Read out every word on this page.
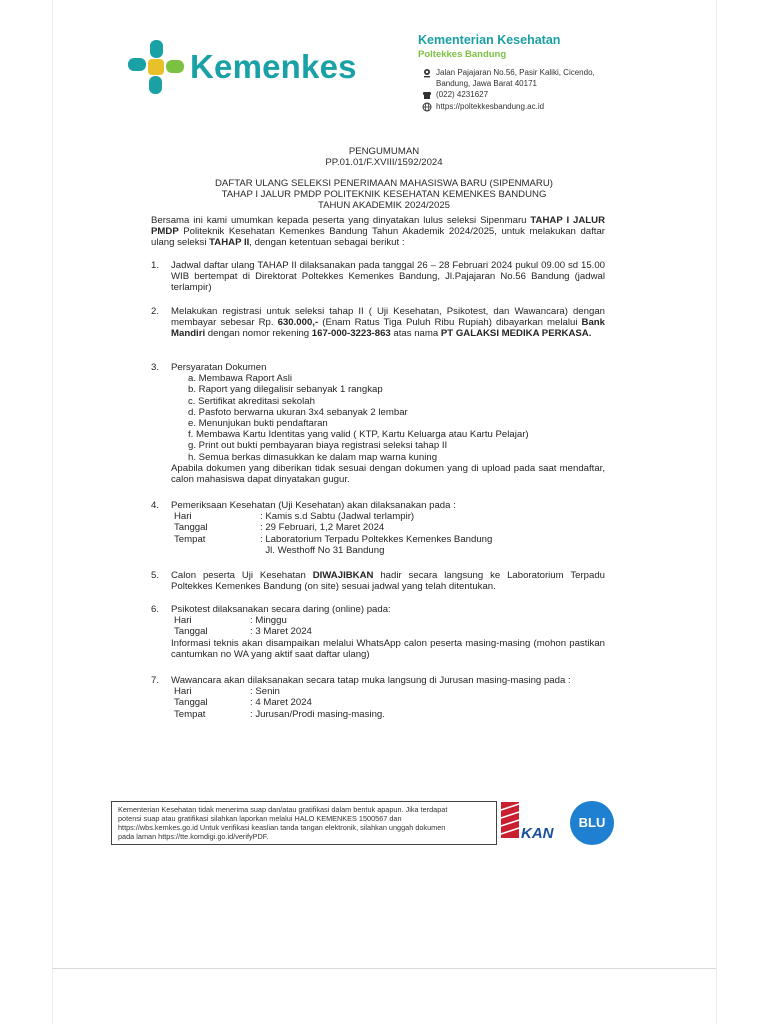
Kemenkes
Kementerian Kesehatan
Poltekkes Bandung
Jalan Pajajaran No.56, Pasir Kaliki, Cicendo,
Bandung, Jawa Barat 40171
(022) 4231627
https://poltekkesbandung.ac.id
PENGUMUMAN
PP.01.01/F.XVIII/1592/2024
DAFTAR ULANG SELEKSI PENERIMAAN MAHASISWA BARU (SIPENMARU)
TAHAP I JALUR PMDP POLITEKNIK KESEHATAN KEMENKES BANDUNG
TAHUN AKADEMIK 2024/2025
Bersama ini kami umumkan kepada peserta yang dinyatakan lulus seleksi Sipenmaru TAHAP I JALUR PMDP Politeknik Kesehatan Kemenkes Bandung Tahun Akademik 2024/2025, untuk melakukan daftar ulang seleksi TAHAP II, dengan ketentuan sebagai berikut :
1.	Jadwal daftar ulang TAHAP II dilaksanakan pada tanggal 26 – 28 Februari 2024 pukul 09.00 sd 15.00 WIB bertempat di Direktorat Poltekkes Kemenkes Bandung, Jl.Pajajaran No.56 Bandung (jadwal terlampir)
2.	Melakukan registrasi untuk seleksi tahap II ( Uji Kesehatan, Psikotest, dan Wawancara) dengan membayar sebesar Rp. 630.000,- (Enam Ratus Tiga Puluh Ribu Rupiah) dibayarkan melalui Bank Mandiri dengan nomor rekening 167-000-3223-863 atas nama PT GALAKSI MEDIKA PERKASA.
3.	Persyaratan Dokumen
a. Membawa Raport Asli
b. Raport yang dilegalisir sebanyak 1 rangkap
c. Sertifikat akreditasi sekolah
d. Pasfoto berwarna ukuran 3x4 sebanyak 2 lembar
e. Menunjukan bukti pendaftaran
f. Membawa Kartu Identitas yang valid ( KTP, Kartu Keluarga atau Kartu Pelajar)
g. Print out bukti pembayaran biaya registrasi seleksi tahap II
h. Semua berkas dimasukkan ke dalam map warna kuning
Apabila dokumen yang diberikan tidak sesuai dengan dokumen yang di upload pada saat mendaftar, calon mahasiswa dapat dinyatakan gugur.
4.	Pemeriksaan Kesehatan (Uji Kesehatan) akan dilaksanakan pada :
Hari	: Kamis s.d Sabtu (Jadwal terlampir)
Tanggal	: 29 Februari, 1,2 Maret 2024
Tempat	: Laboratorium Terpadu Poltekkes Kemenkes Bandung
Jl. Westhoff No 31 Bandung
5.	Calon peserta Uji Kesehatan DIWAJIBKAN hadir secara langsung ke Laboratorium Terpadu Poltekkes Kemenkes Bandung (on site) sesuai jadwal yang telah ditentukan.
6.	Psikotest dilaksanakan secara daring (online) pada:
Hari	: Minggu
Tanggal	: 3 Maret 2024
Informasi teknis akan disampaikan melalui WhatsApp calon peserta masing-masing (mohon pastikan cantumkan no WA yang aktif saat daftar ulang)
7.	Wawancara akan dilaksanakan secara tatap muka langsung di Jurusan masing-masing pada :
Hari	: Senin
Tanggal	: 4 Maret 2024
Tempat	: Jurusan/Prodi masing-masing.
Kementerian Kesehatan tidak menerima suap dan/atau gratifikasi dalam bentuk apapun. Jika terdapat
potensi suap atau gratifikasi silahkan laporkan melalui HALO KEMENKES 1500567 dan
https://wbs.kemkes.go.id Untuk verifikasi keaslian tanda tangan elektronik, silahkan unggah dokumen
pada laman https://tte.komdigi.go.id/verifyPDF.	KAN
BLU
